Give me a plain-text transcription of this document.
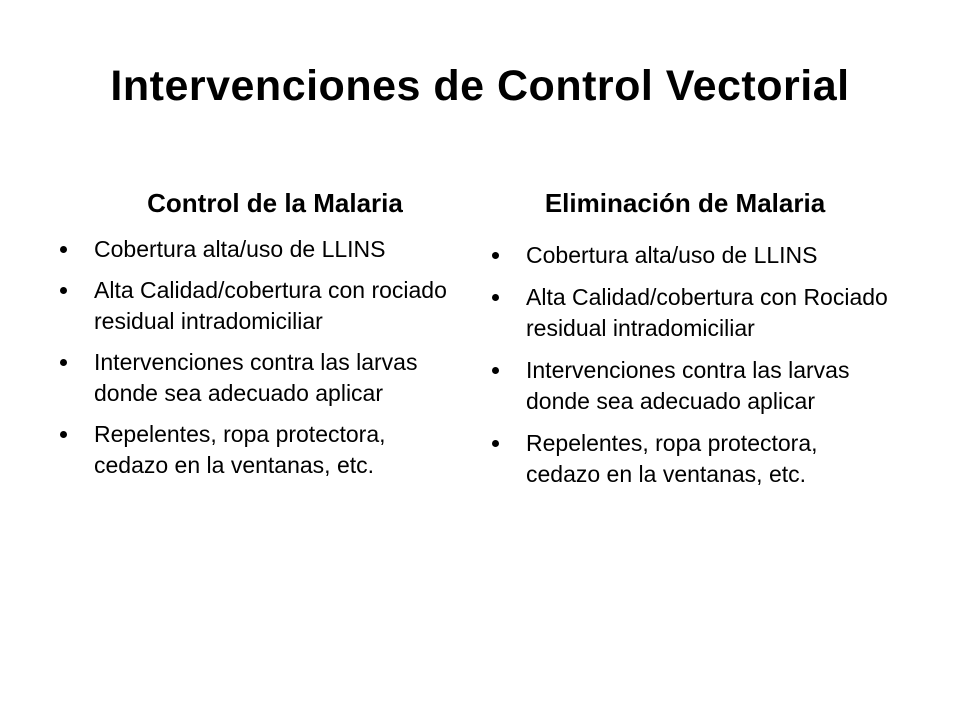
Intervenciones de Control Vectorial
Control de la Malaria	Eliminación de Malaria
Cobertura alta/uso de LLINS
Alta Calidad/cobertura con rociado residual intradomiciliar
Intervenciones contra las larvas donde sea adecuado aplicar
Repelentes, ropa protectora, cedazo en la ventanas, etc.
Cobertura alta/uso de LLINS
Alta Calidad/cobertura con Rociado residual intradomiciliar
Intervenciones contra las larvas donde sea adecuado aplicar
Repelentes, ropa protectora, cedazo en la ventanas, etc.
